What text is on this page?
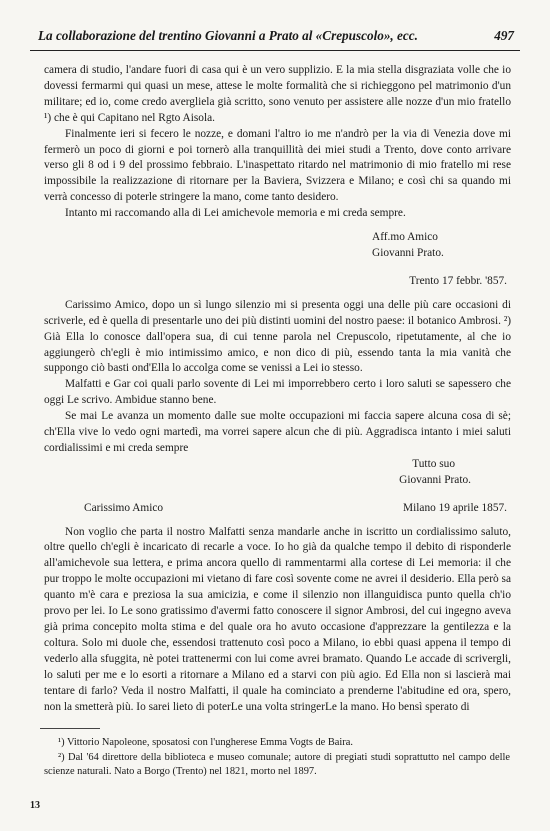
La collaborazione del trentino Giovanni a Prato al «Crepuscolo», ecc.	497

camera di studio, l'andare fuori di casa qui è un vero supplizio. E la mia stella disgraziata volle che io dovessi fermarmi qui quasi un mese, attese le molte formalità che si richieggono pel matrimonio d'un militare; ed io, come credo avergliela già scritto, sono venuto per assistere alle nozze d'un mio fratello ¹) che è qui Capitano nel Rgto Aisola.

Finalmente ieri si fecero le nozze, e domani l'altro io me n'andrò per la via di Venezia dove mi fermerò un poco di giorni e poi tornerò alla tranquillità dei miei studi a Trento, dove conto arrivare verso gli 8 od i 9 del prossimo febbraio. L'inaspettato ritardo nel matrimonio di mio fratello mi rese impossibile la realizzazione di ritornare per la Baviera, Svizzera e Milano; e così chi sa quando mi verrà concesso di poterle stringere la mano, come tanto desidero.

Intanto mi raccomando alla di Lei amichevole memoria e mi creda sempre.

Aff.mo Amico

Giovanni Prato.

Trento 17 febbr. '857.

Carissimo Amico, dopo un sì lungo silenzio mi si presenta oggi una delle più care occasioni di scriverle, ed è quella di presentarle uno dei più distinti uomini del nostro paese: il botanico Ambrosi. ²) Già Ella lo conosce dall'opera sua, di cui tenne parola nel Crepuscolo, ripetutamente, al che io aggiungerò ch'egli è mio intimissimo amico, e non dico di più, essendo tanta la mia vanità che suppongo ciò basti ond'Ella lo accolga come se venissi a Lei io stesso.

Malfatti e Gar coi quali parlo sovente di Lei mi imporrebbero certo i loro saluti se sapessero che oggi Le scrivo. Ambidue stanno bene.

Se mai Le avanza un momento dalle sue molte occupazioni mi faccia sapere alcuna cosa di sè; ch'Ella vive lo vedo ogni martedì, ma vorrei sapere alcun che di più. Aggradisca intanto i miei saluti cordialissimi e mi creda sempre

Tutto suo

Giovanni Prato.

Carissimo Amico	Milano 19 aprile 1857.

Non voglio che parta il nostro Malfatti senza mandarle anche in iscritto un cordialissimo saluto, oltre quello ch'egli è incaricato di recarle a voce. Io ho già da qualche tempo il debito di risponderle all'amichevole sua lettera, e prima ancora quello di rammentarmi alla cortese di Lei memoria: il che pur troppo le molte occupazioni mi vietano di fare così sovente come ne avrei il desiderio. Ella però sa quanto m'è cara e preziosa la sua amicizia, e come il silenzio non illanguidisca punto quella ch'io provo per lei. Io Le sono gratissimo d'avermi fatto conoscere il signor Ambrosi, del cui ingegno aveva già prima concepito molta stima e del quale ora ho avuto occasione d'apprezzare la gentilezza e la coltura. Solo mi duole che, essendosi trattenuto così poco a Milano, io ebbi quasi appena il tempo di vederlo alla sfuggita, nè potei trattenermi con lui come avrei bramato. Quando Le accade di scrivergli, lo saluti per me e lo esorti a ritornare a Milano ed a starvi con più agio. Ed Ella non si lascierà mai tentare di farlo? Veda il nostro Malfatti, il quale ha cominciato a prenderne l'abitudine ed ora, spero, non la smetterà più. Io sarei lieto di poterLe una volta stringerLe la mano. Ho bensì sperato di

¹) Vittorio Napoleone, sposatosi con l'ungherese Emma Vogts de Baira.

²) Dal '64 direttore della biblioteca e museo comunale; autore di pregiati studi soprattutto nel campo delle scienze naturali. Nato a Borgo (Trento) nel 1821, morto nel 1897.

13
